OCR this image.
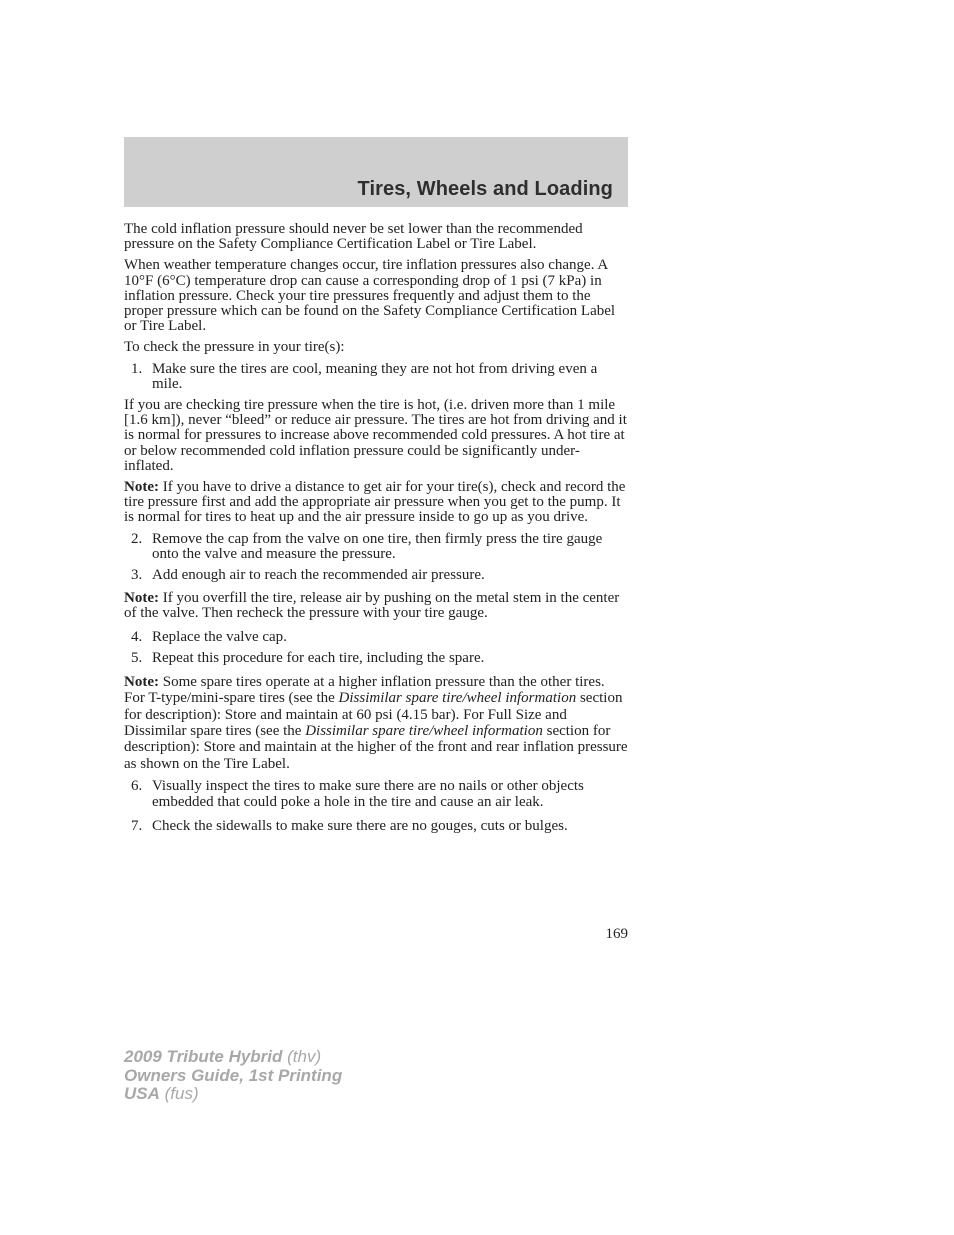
Tires, Wheels and Loading

The cold inflation pressure should never be set lower than the recommended pressure on the Safety Compliance Certification Label or Tire Label.

When weather temperature changes occur, tire inflation pressures also change. A 10°F (6°C) temperature drop can cause a corresponding drop of 1 psi (7 kPa) in inflation pressure. Check your tire pressures frequently and adjust them to the proper pressure which can be found on the Safety Compliance Certification Label or Tire Label.

To check the pressure in your tire(s):

1. Make sure the tires are cool, meaning they are not hot from driving even a mile.

If you are checking tire pressure when the tire is hot, (i.e. driven more than 1 mile [1.6 km]), never “bleed” or reduce air pressure. The tires are hot from driving and it is normal for pressures to increase above recommended cold pressures. A hot tire at or below recommended cold inflation pressure could be significantly under-inflated.

Note: If you have to drive a distance to get air for your tire(s), check and record the tire pressure first and add the appropriate air pressure when you get to the pump. It is normal for tires to heat up and the air pressure inside to go up as you drive.

2. Remove the cap from the valve on one tire, then firmly press the tire gauge onto the valve and measure the pressure.
3. Add enough air to reach the recommended air pressure.

Note: If you overfill the tire, release air by pushing on the metal stem in the center of the valve. Then recheck the pressure with your tire gauge.

4. Replace the valve cap.
5. Repeat this procedure for each tire, including the spare.

Note: Some spare tires operate at a higher inflation pressure than the other tires. For T-type/mini-spare tires (see the Dissimilar spare tire/wheel information section for description): Store and maintain at 60 psi (4.15 bar). For Full Size and Dissimilar spare tires (see the Dissimilar spare tire/wheel information section for description): Store and maintain at the higher of the front and rear inflation pressure as shown on the Tire Label.

6. Visually inspect the tires to make sure there are no nails or other objects embedded that could poke a hole in the tire and cause an air leak.
7. Check the sidewalls to make sure there are no gouges, cuts or bulges.
169
2009 Tribute Hybrid (thv)
Owners Guide, 1st Printing
USA (fus)
